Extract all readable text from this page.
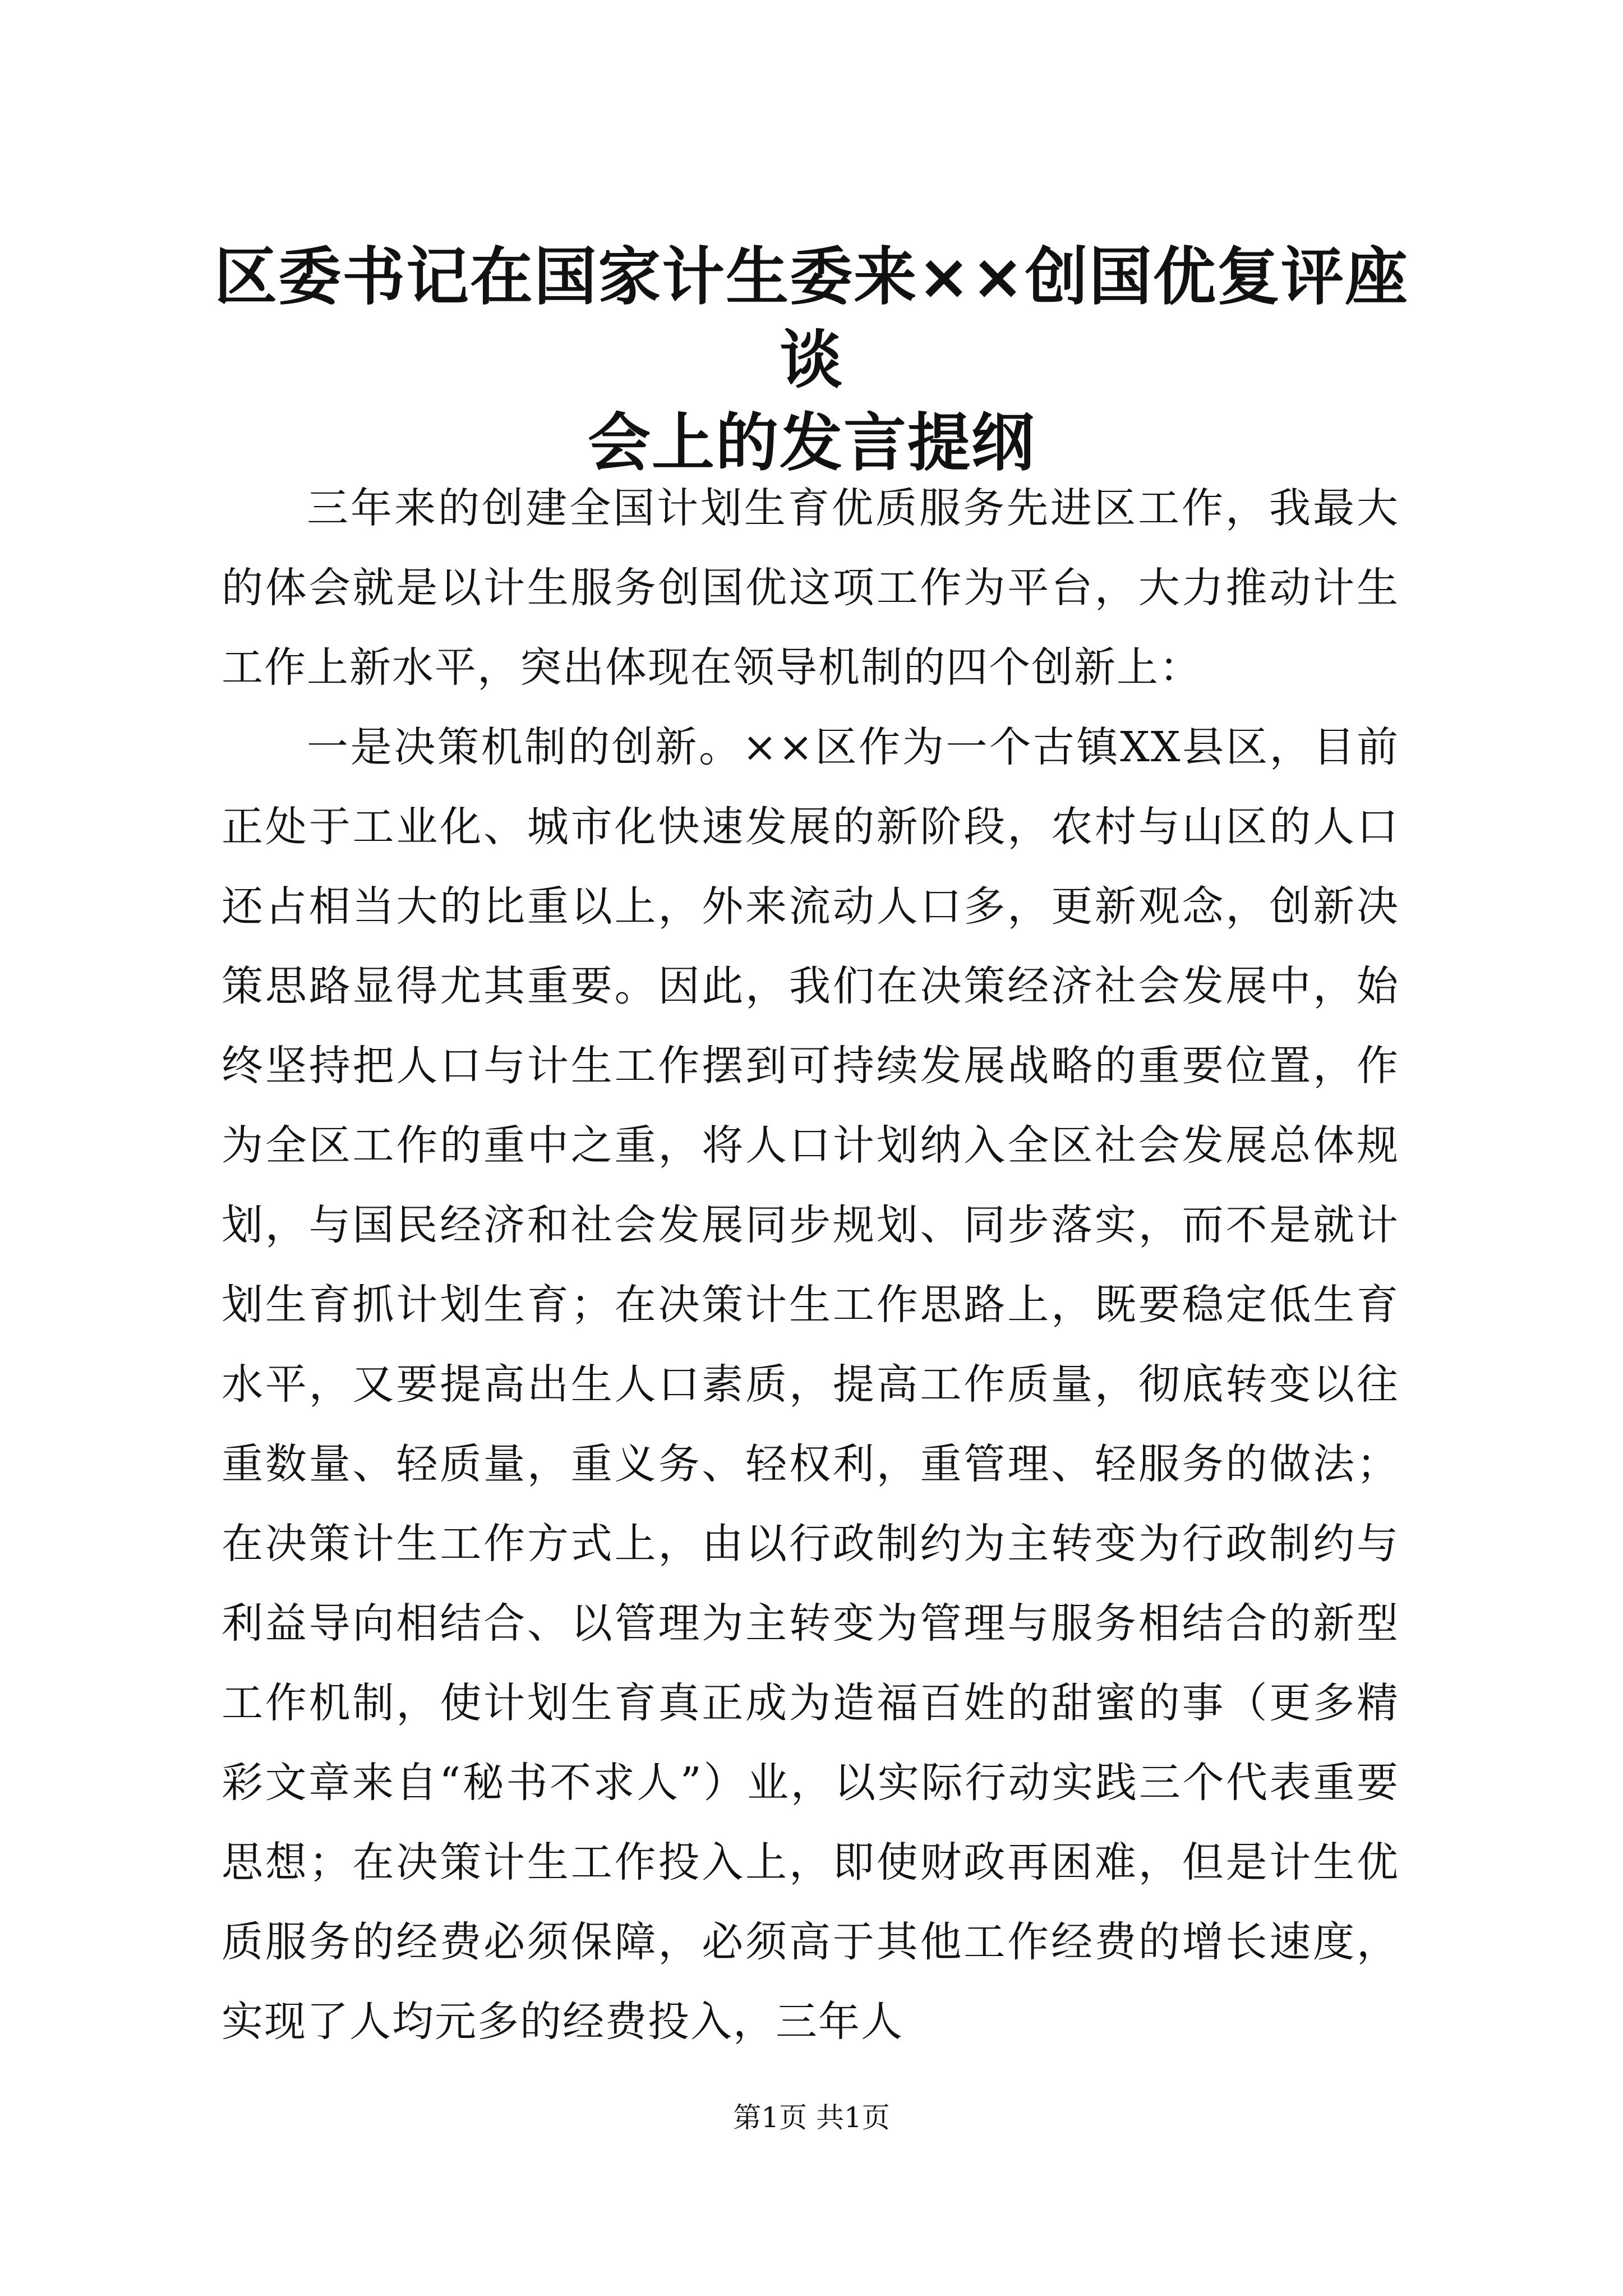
区委书记在国家计生委来××创国优复评座谈
会上的发言提纲

三年来的创建全国计划生育优质服务先进区工作，我最大的体会就是以计生服务创国优这项工作为平台，大力推动计生工作上新水平，突出体现在领导机制的四个创新上：

一是决策机制的创新。××区作为一个古镇XX县区，目前正处于工业化、城市化快速发展的新阶段，农村与山区的人口还占相当大的比重以上，外来流动人口多，更新观念，创新决策思路显得尤其重要。因此，我们在决策经济社会发展中，始终坚持把人口与计生工作摆到可持续发展战略的重要位置，作为全区工作的重中之重，将人口计划纳入全区社会发展总体规划，与国民经济和社会发展同步规划、同步落实，而不是就计划生育抓计划生育；在决策计生工作思路上，既要稳定低生育水平，又要提高出生人口素质，提高工作质量，彻底转变以往重数量、轻质量，重义务、轻权利，重管理、轻服务的做法；在决策计生工作方式上，由以行政制约为主转变为行政制约与利益导向相结合、以管理为主转变为管理与服务相结合的新型工作机制，使计划生育真正成为造福百姓的甜蜜的事（更多精彩文章来自“秘书不求人”）业，以实际行动实践三个代表重要思想；在决策计生工作投入上，即使财政再困难，但是计生优质服务的经费必须保障，必须高于其他工作经费的增长速度，实现了人均元多的经费投入，三年人

第1页 共1页
